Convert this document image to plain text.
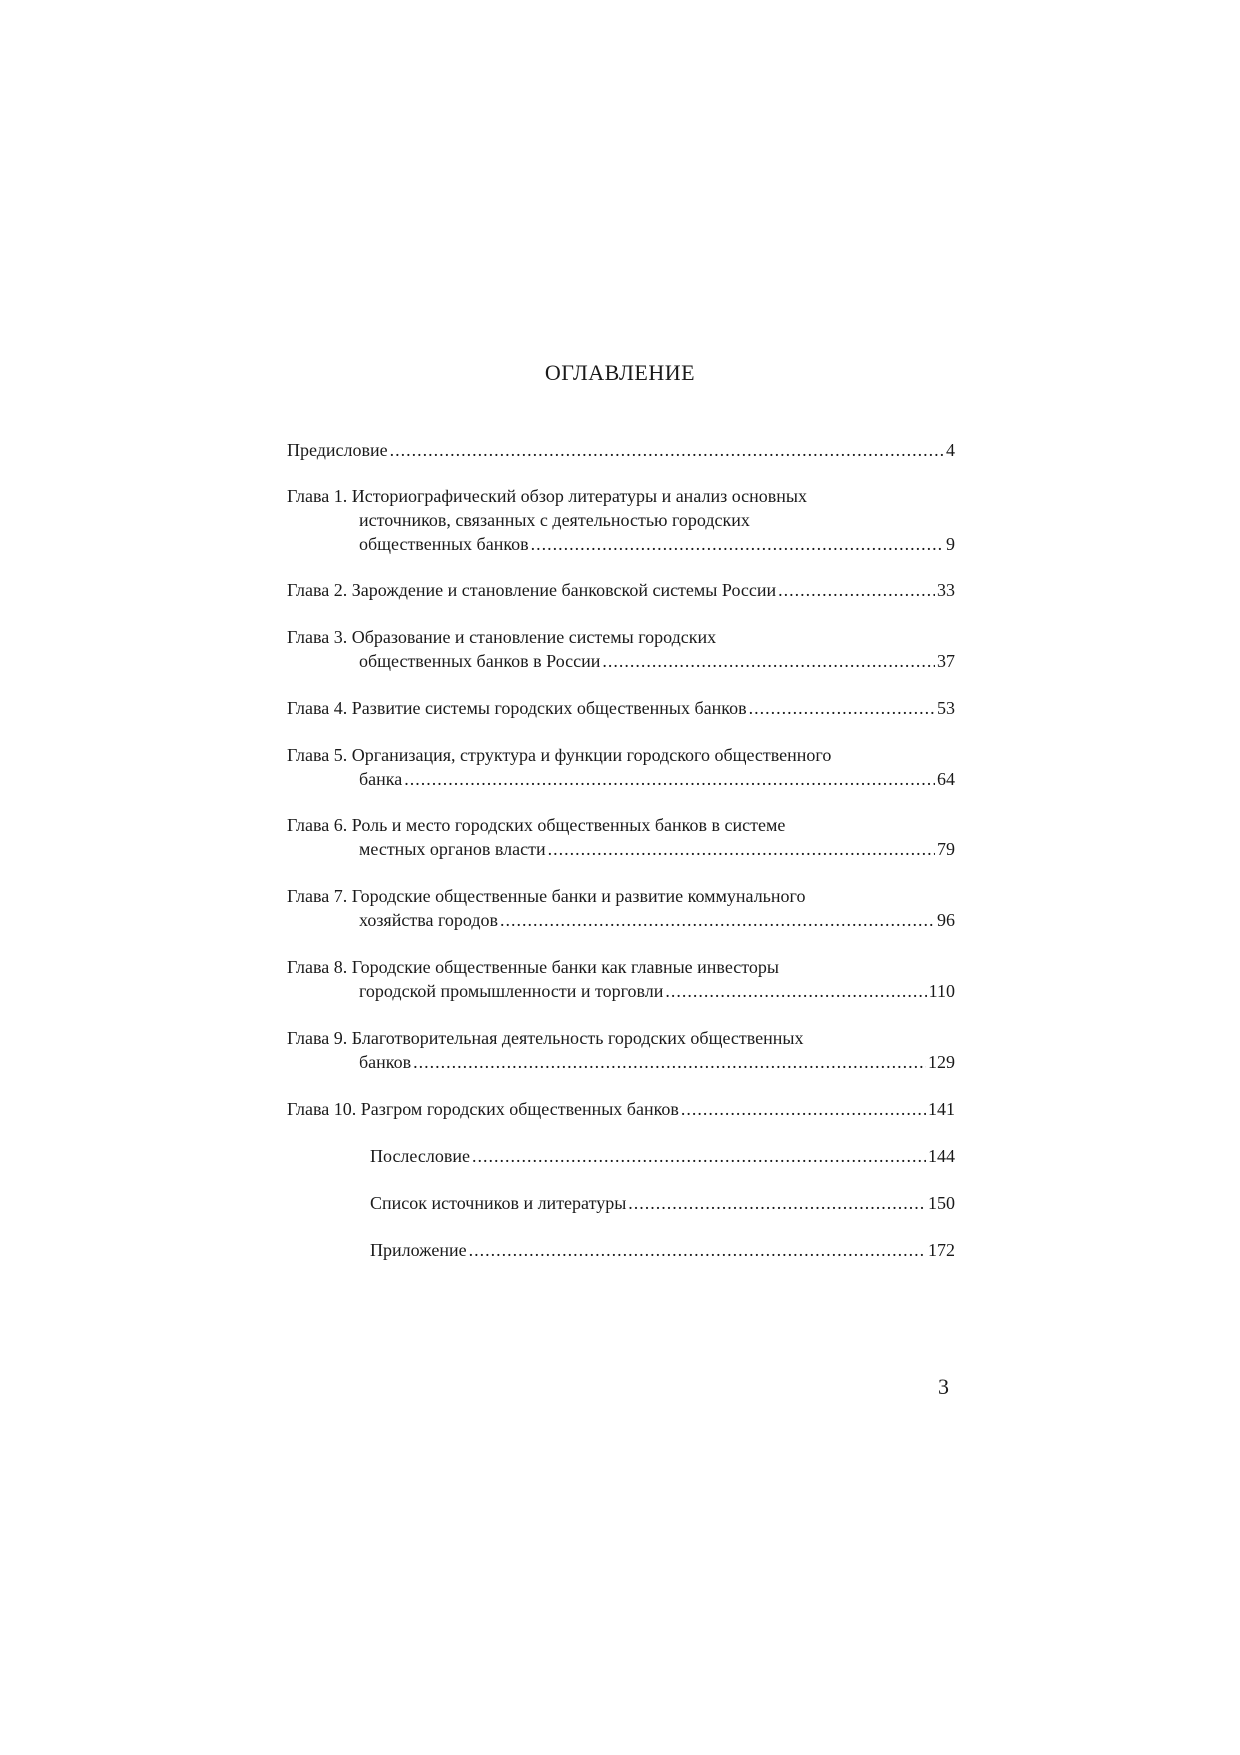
ОГЛАВЛЕНИЕ
Предисловие .....	4
Глава 1. Историографический обзор литературы и анализ основных
источников, связанных с деятельностью городских
общественных банков .....	9
Глава 2. Зарождение и становление банковской системы России .....	33
Глава 3. Образование и становление системы городских
общественных банков в России .....	37
Глава 4. Развитие системы городских общественных банков .....	53
Глава 5. Организация, структура и функции городского общественного
банка .....	64
Глава 6. Роль и место городских общественных банков в системе
местных органов власти .....	79
Глава 7. Городские общественные банки и развитие коммунального
хозяйства городов .....	96
Глава 8. Городские общественные банки как главные инвесторы
городской промышленности и торговли .....	110
Глава 9. Благотворительная деятельность городских общественных
банков .....	129
Глава 10. Разгром городских общественных банков .....	141
Послесловие .....	144
Список источников и литературы .....	150
Приложение .....	172
3
